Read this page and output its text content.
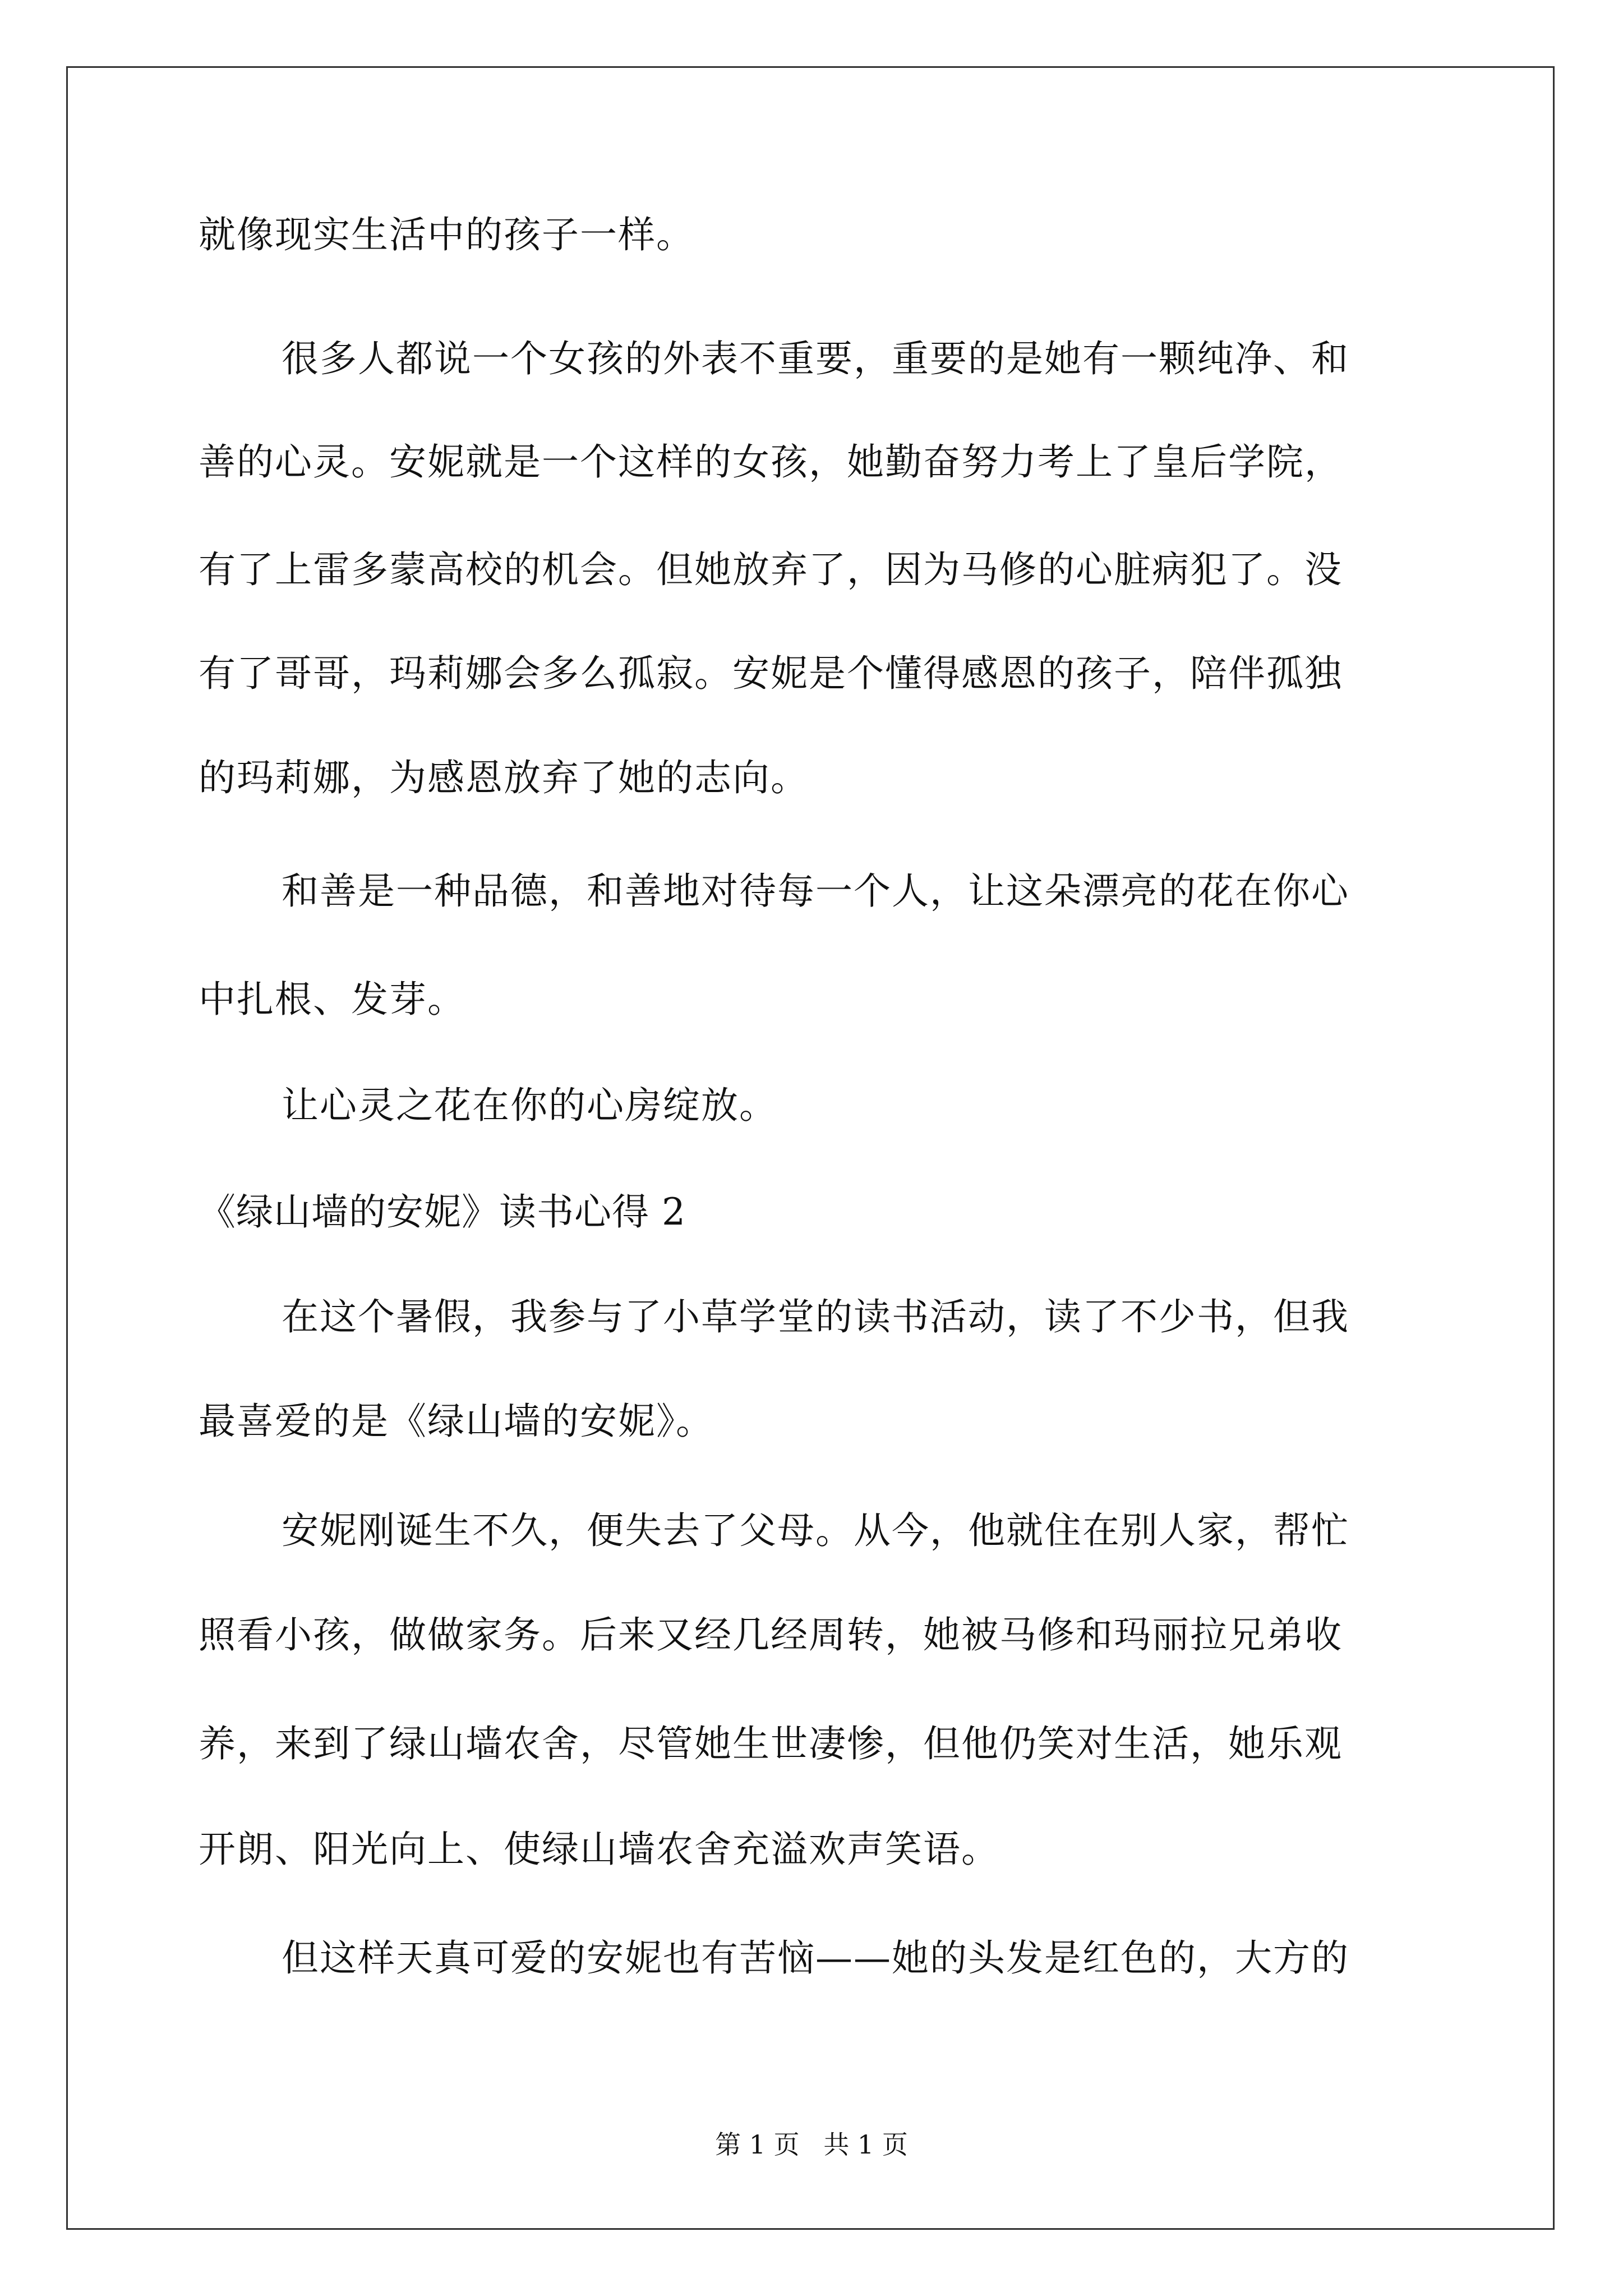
就像现实生活中的孩子一样。
很多人都说一个女孩的外表不重要，重要的是她有一颗纯净、和
善的心灵。安妮就是一个这样的女孩，她勤奋努力考上了皇后学院，
有了上雷多蒙高校的机会。但她放弃了，因为马修的心脏病犯了。没
有了哥哥，玛莉娜会多么孤寂。安妮是个懂得感恩的孩子，陪伴孤独
的玛莉娜，为感恩放弃了她的志向。
和善是一种品德，和善地对待每一个人，让这朵漂亮的花在你心
中扎根、发芽。
让心灵之花在你的心房绽放。
《绿山墙的安妮》读书心得 2
在这个暑假，我参与了小草学堂的读书活动，读了不少书，但我
最喜爱的是《绿山墙的安妮》。
安妮刚诞生不久，便失去了父母。从今，他就住在别人家，帮忙
照看小孩，做做家务。后来又经几经周转，她被马修和玛丽拉兄弟收
养，来到了绿山墙农舍，尽管她生世凄惨，但他仍笑对生活，她乐观
开朗、阳光向上、使绿山墙农舍充溢欢声笑语。
但这样天真可爱的安妮也有苦恼——她的头发是红色的，大方的
第 1 页 共 1 页
